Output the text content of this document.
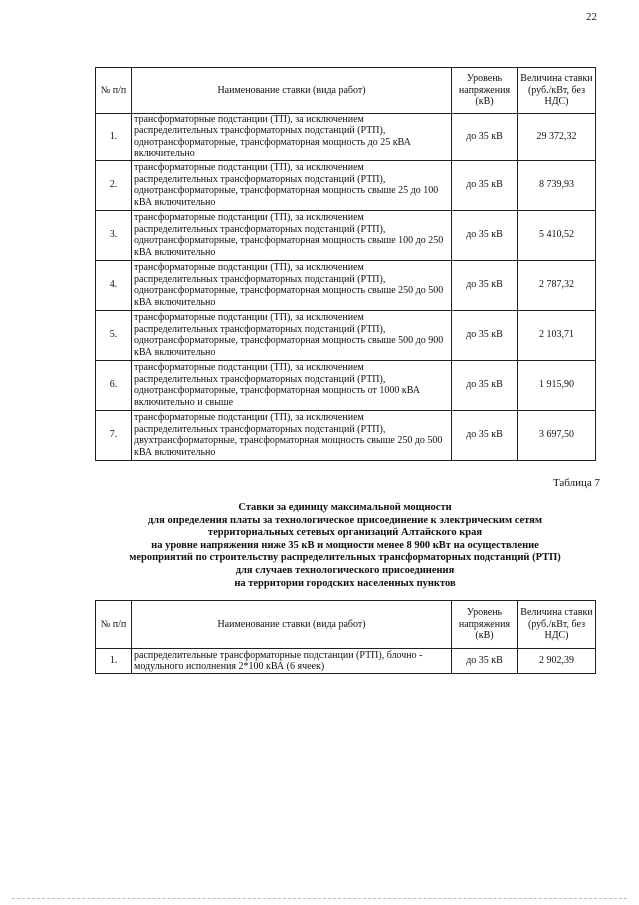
22
№ п/п	Наименование ставки (вида работ)	Уровень напряжения (кВ)	Величина ставки (руб./кВт, без НДС)
1.	трансформаторные подстанции (ТП), за исключением распределительных трансформаторных подстанций (РТП), однотрансформаторные, трансформаторная мощность до 25 кВА включительно	до 35 кВ	29 372,32
2.	трансформаторные подстанции (ТП), за исключением распределительных трансформаторных подстанций (РТП), однотрансформаторные, трансформаторная мощность свыше 25 до 100 кВА включительно	до 35 кВ	8 739,93
3.	трансформаторные подстанции (ТП), за исключением распределительных трансформаторных подстанций (РТП), однотрансформаторные, трансформаторная мощность свыше 100 до 250 кВА включительно	до 35 кВ	5 410,52
4.	трансформаторные подстанции (ТП), за исключением распределительных трансформаторных подстанций (РТП), однотрансформаторные, трансформаторная мощность свыше 250 до 500 кВА включительно	до 35 кВ	2 787,32
5.	трансформаторные подстанции (ТП), за исключением распределительных трансформаторных подстанций (РТП), однотрансформаторные, трансформаторная мощность свыше 500 до 900 кВА включительно	до 35 кВ	2 103,71
6.	трансформаторные подстанции (ТП), за исключением распределительных трансформаторных подстанций (РТП), однотрансформаторные, трансформаторная мощность от 1000 кВА включительно и свыше	до 35 кВ	1 915,90
7.	трансформаторные подстанции (ТП), за исключением распределительных трансформаторных подстанций (РТП), двухтрансформаторные, трансформаторная мощность свыше 250 до 500 кВА включительно	до 35 кВ	3 697,50
Таблица 7
Ставки за единицу максимальной мощности
для определения платы за технологическое присоединение к электрическим сетям
территориальных сетевых организаций Алтайского края
на уровне напряжения ниже 35 кВ и мощности менее 8 900 кВт на осуществление
мероприятий по строительству распределительных трансформаторных подстанций (РТП)
для случаев технологического присоединения
на территории городских населенных пунктов
№ п/п	Наименование ставки (вида работ)	Уровень напряжения (кВ)	Величина ставки (руб./кВт, без НДС)
1.	распределительные трансформаторные подстанции (РТП), блочно - модульного исполнения 2*100 кВА (6 ячеек)	до 35 кВ	2 902,39
